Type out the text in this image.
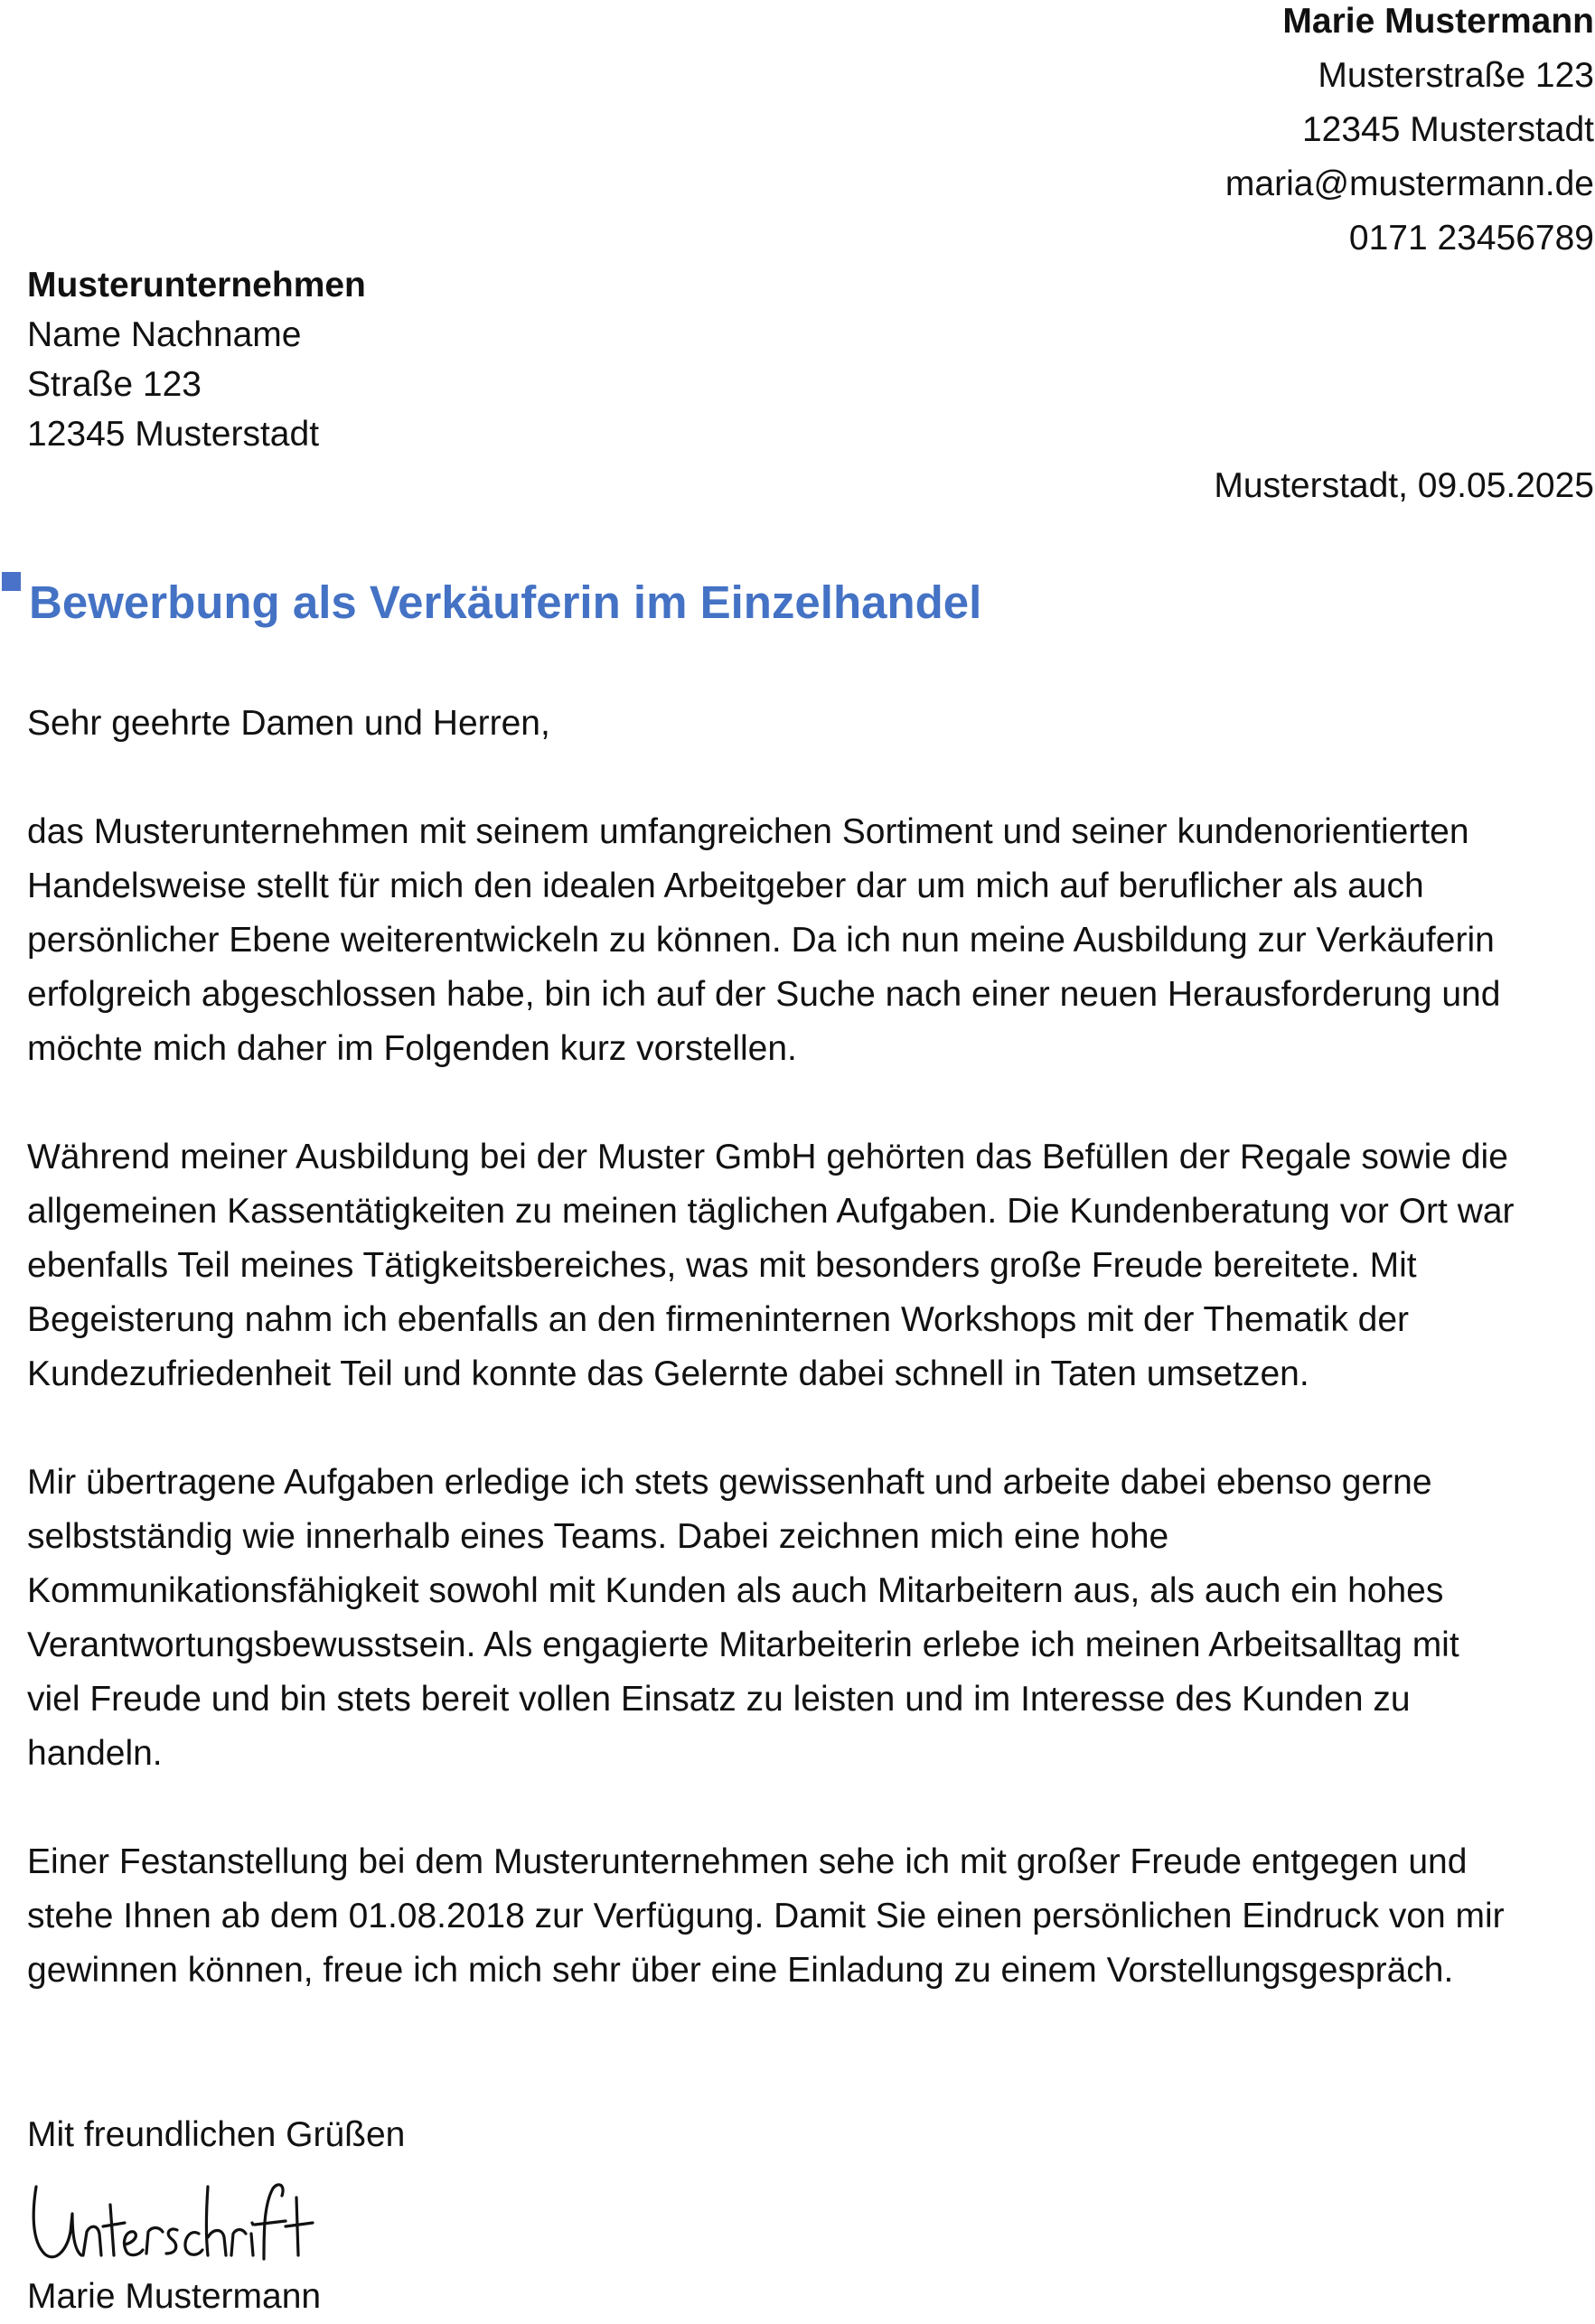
Marie Mustermann
Musterstraße 123
12345 Musterstadt
maria@mustermann.de
0171 23456789
Musterunternehmen
Name Nachname
Straße 123
12345 Musterstadt
Musterstadt, 09.05.2025
Bewerbung als Verkäuferin im Einzelhandel
Sehr geehrte Damen und Herren,

das Musterunternehmen mit seinem umfangreichen Sortiment und seiner kundenorientierten
Handelsweise stellt für mich den idealen Arbeitgeber dar um mich auf beruflicher als auch
persönlicher Ebene weiterentwickeln zu können. Da ich nun meine Ausbildung zur Verkäuferin
erfolgreich abgeschlossen habe, bin ich auf der Suche nach einer neuen Herausforderung und
möchte mich daher im Folgenden kurz vorstellen.

Während meiner Ausbildung bei der Muster GmbH gehörten das Befüllen der Regale sowie die
allgemeinen Kassentätigkeiten zu meinen täglichen Aufgaben. Die Kundenberatung vor Ort war
ebenfalls Teil meines Tätigkeitsbereiches, was mit besonders große Freude bereitete. Mit
Begeisterung nahm ich ebenfalls an den firmeninternen Workshops mit der Thematik der
Kundezufriedenheit Teil und konnte das Gelernte dabei schnell in Taten umsetzen.

Mir übertragene Aufgaben erledige ich stets gewissenhaft und arbeite dabei ebenso gerne
selbstständig wie innerhalb eines Teams. Dabei zeichnen mich eine hohe
Kommunikationsfähigkeit sowohl mit Kunden als auch Mitarbeitern aus, als auch ein hohes
Verantwortungsbewusstsein. Als engagierte Mitarbeiterin erlebe ich meinen Arbeitsalltag mit
viel Freude und bin stets bereit vollen Einsatz zu leisten und im Interesse des Kunden zu
handeln.

Einer Festanstellung bei dem Musterunternehmen sehe ich mit großer Freude entgegen und
stehe Ihnen ab dem 01.08.2018 zur Verfügung. Damit Sie einen persönlichen Eindruck von mir
gewinnen können, freue ich mich sehr über eine Einladung zu einem Vorstellungsgespräch.

Mit freundlichen Grüßen
Unterschrift
Marie Mustermann
